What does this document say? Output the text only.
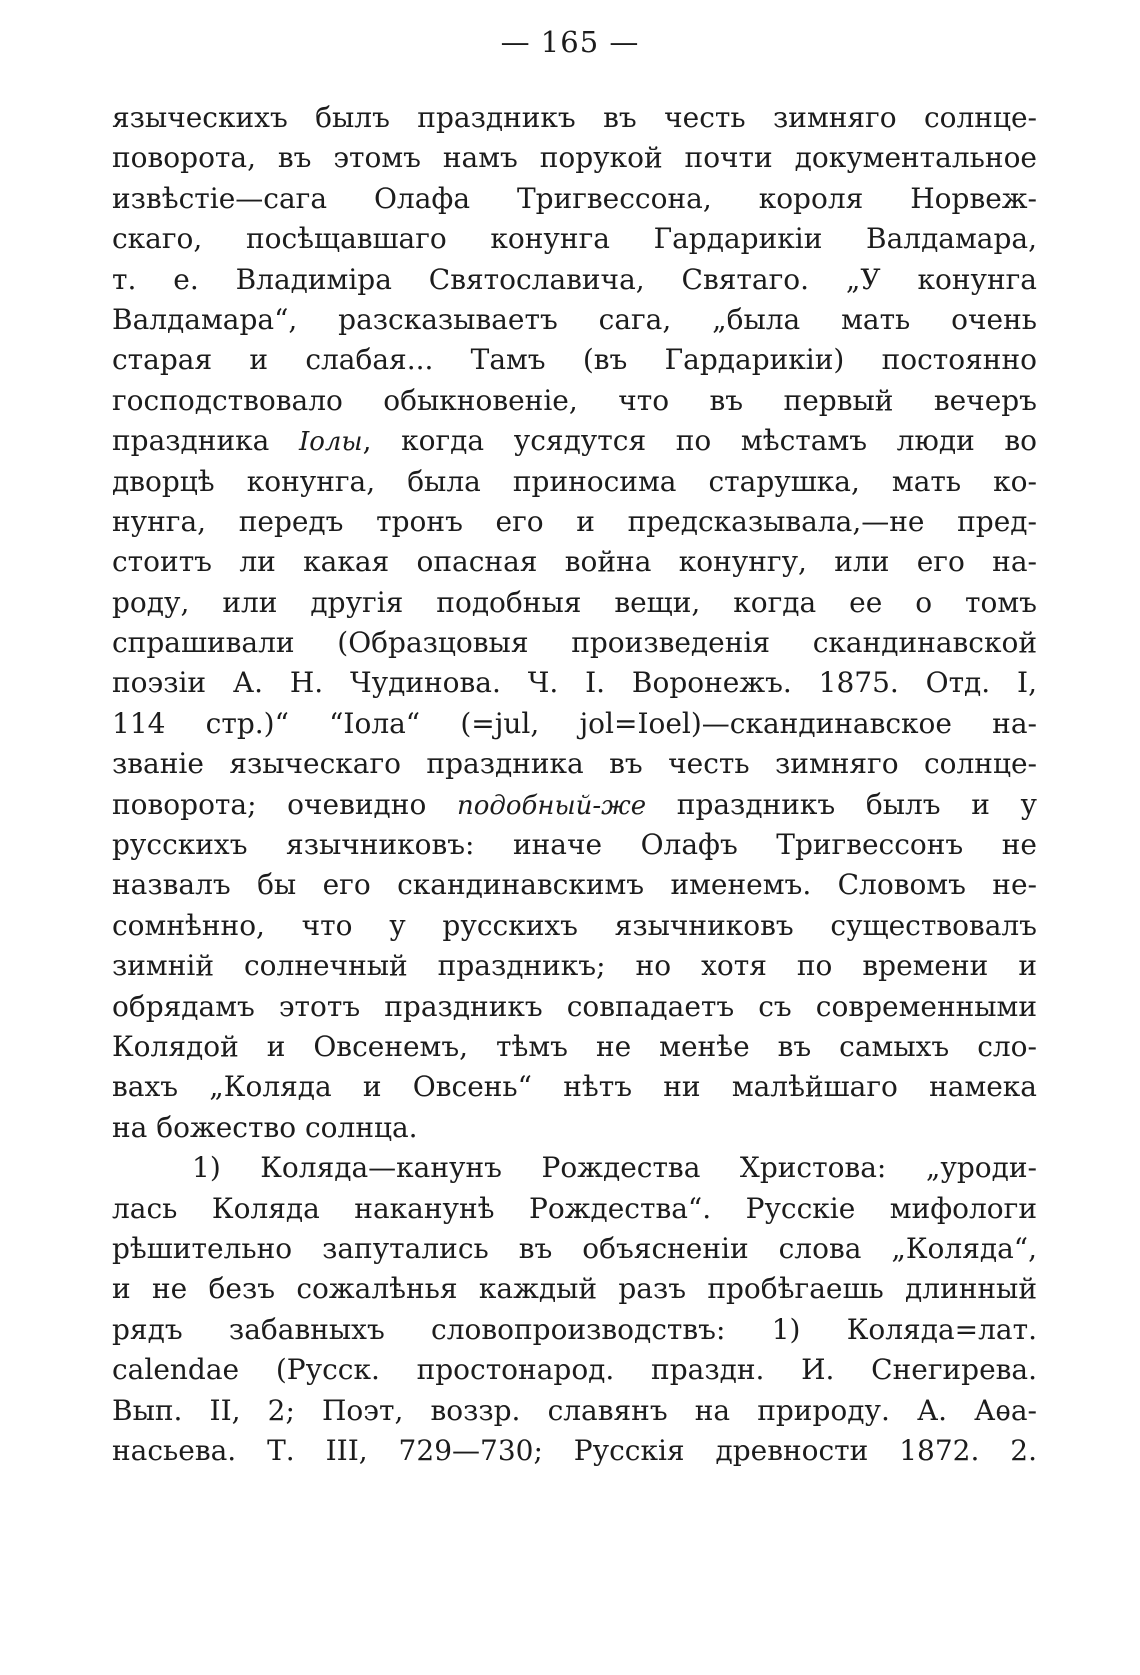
— 165 —
языческихъ былъ праздникъ въ честь зимняго солнце-
поворота, въ этомъ намъ порукой почти документальное
извѣстіе—сага Олафа Тригвессона, короля Норвеж-
скаго, посѣщавшаго конунга Гардарикіи Валдамара,
т. е. Владиміра Святославича, Святаго. „У конунга
Валдамара“, разсказываетъ сага, „была мать очень
старая и слабая... Тамъ (въ Гардарикіи) постоянно
господствовало обыкновеніе, что въ первый вечеръ
праздника Іолы, когда усядутся по мѣстамъ люди во
дворцѣ конунга, была приносима старушка, мать ко-
нунга, передъ тронъ его и предсказывала,—не пред-
стоитъ ли какая опасная война конунгу, или его на-
роду, или другія подобныя вещи, когда ее о томъ
спрашивали (Образцовыя произведенія скандинавской
поэзіи А. Н. Чудинова. Ч. І. Воронежъ. 1875. Отд. І,
114 стр.)“ “Іола“ (=jul, jol=Ioel)—скандинавское на-
званіе языческаго праздника въ честь зимняго солнце-
поворота; очевидно подобный-же праздникъ былъ и у
русскихъ язычниковъ: иначе Олафъ Тригвессонъ не
назвалъ бы его скандинавскимъ именемъ. Словомъ не-
сомнѣнно, что у русскихъ язычниковъ существовалъ
зимній солнечный праздникъ; но хотя по времени и
обрядамъ этотъ праздникъ совпадаетъ съ современными
Колядой и Овсенемъ, тѣмъ не менѣе въ самыхъ сло-
вахъ „Коляда и Овсень“ нѣтъ ни малѣйшаго намека
на божество солнца.
1) Коляда—канунъ Рождества Христова: „уроди-
лась Коляда наканунѣ Рождества“. Русскіе мифологи
рѣшительно запутались въ объясненіи слова „Коляда“,
и не безъ сожалѣнья каждый разъ пробѣгаешь длинный
рядъ забавныхъ словопроизводствъ: 1) Коляда=лат.
calendae (Русск. простонарод. праздн. И. Снегирева.
Вып. II, 2; Поэт, воззр. славянъ на природу. А. Аѳа-
насьева. Т. III, 729—730; Русскія древности 1872. 2.
